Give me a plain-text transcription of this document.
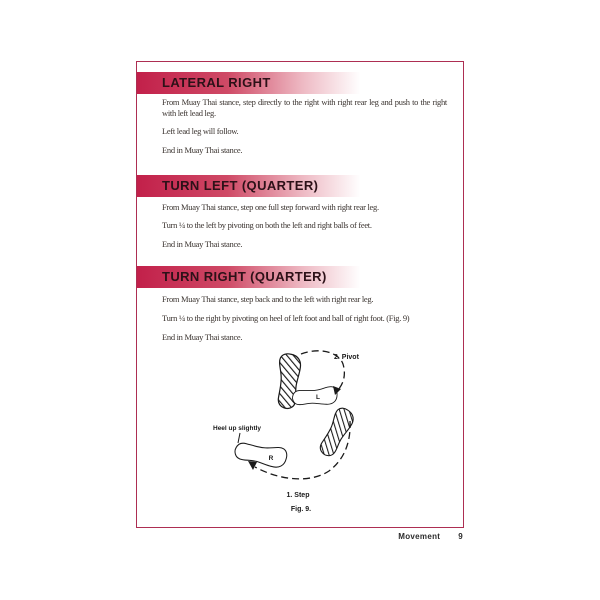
LATERAL RIGHT
From Muay Thai stance, step directly to the right with right rear leg and push to the right with left lead leg.
Left lead leg will follow.
End in Muay Thai stance.
TURN LEFT (QUARTER)
From Muay Thai stance, step one full step forward with right rear leg.
Turn ¼ to the left by pivoting on both the left and right balls of feet.
End in Muay Thai stance.
TURN RIGHT (QUARTER)
From Muay Thai stance, step back and to the left with right rear leg.
Turn ¼ to the right by pivoting on heel of left foot and ball of right foot. (Fig. 9)
End in Muay Thai stance.
2. Pivot
1. Step
Heel up slightly
L
R
Fig. 9.
Movement 9
